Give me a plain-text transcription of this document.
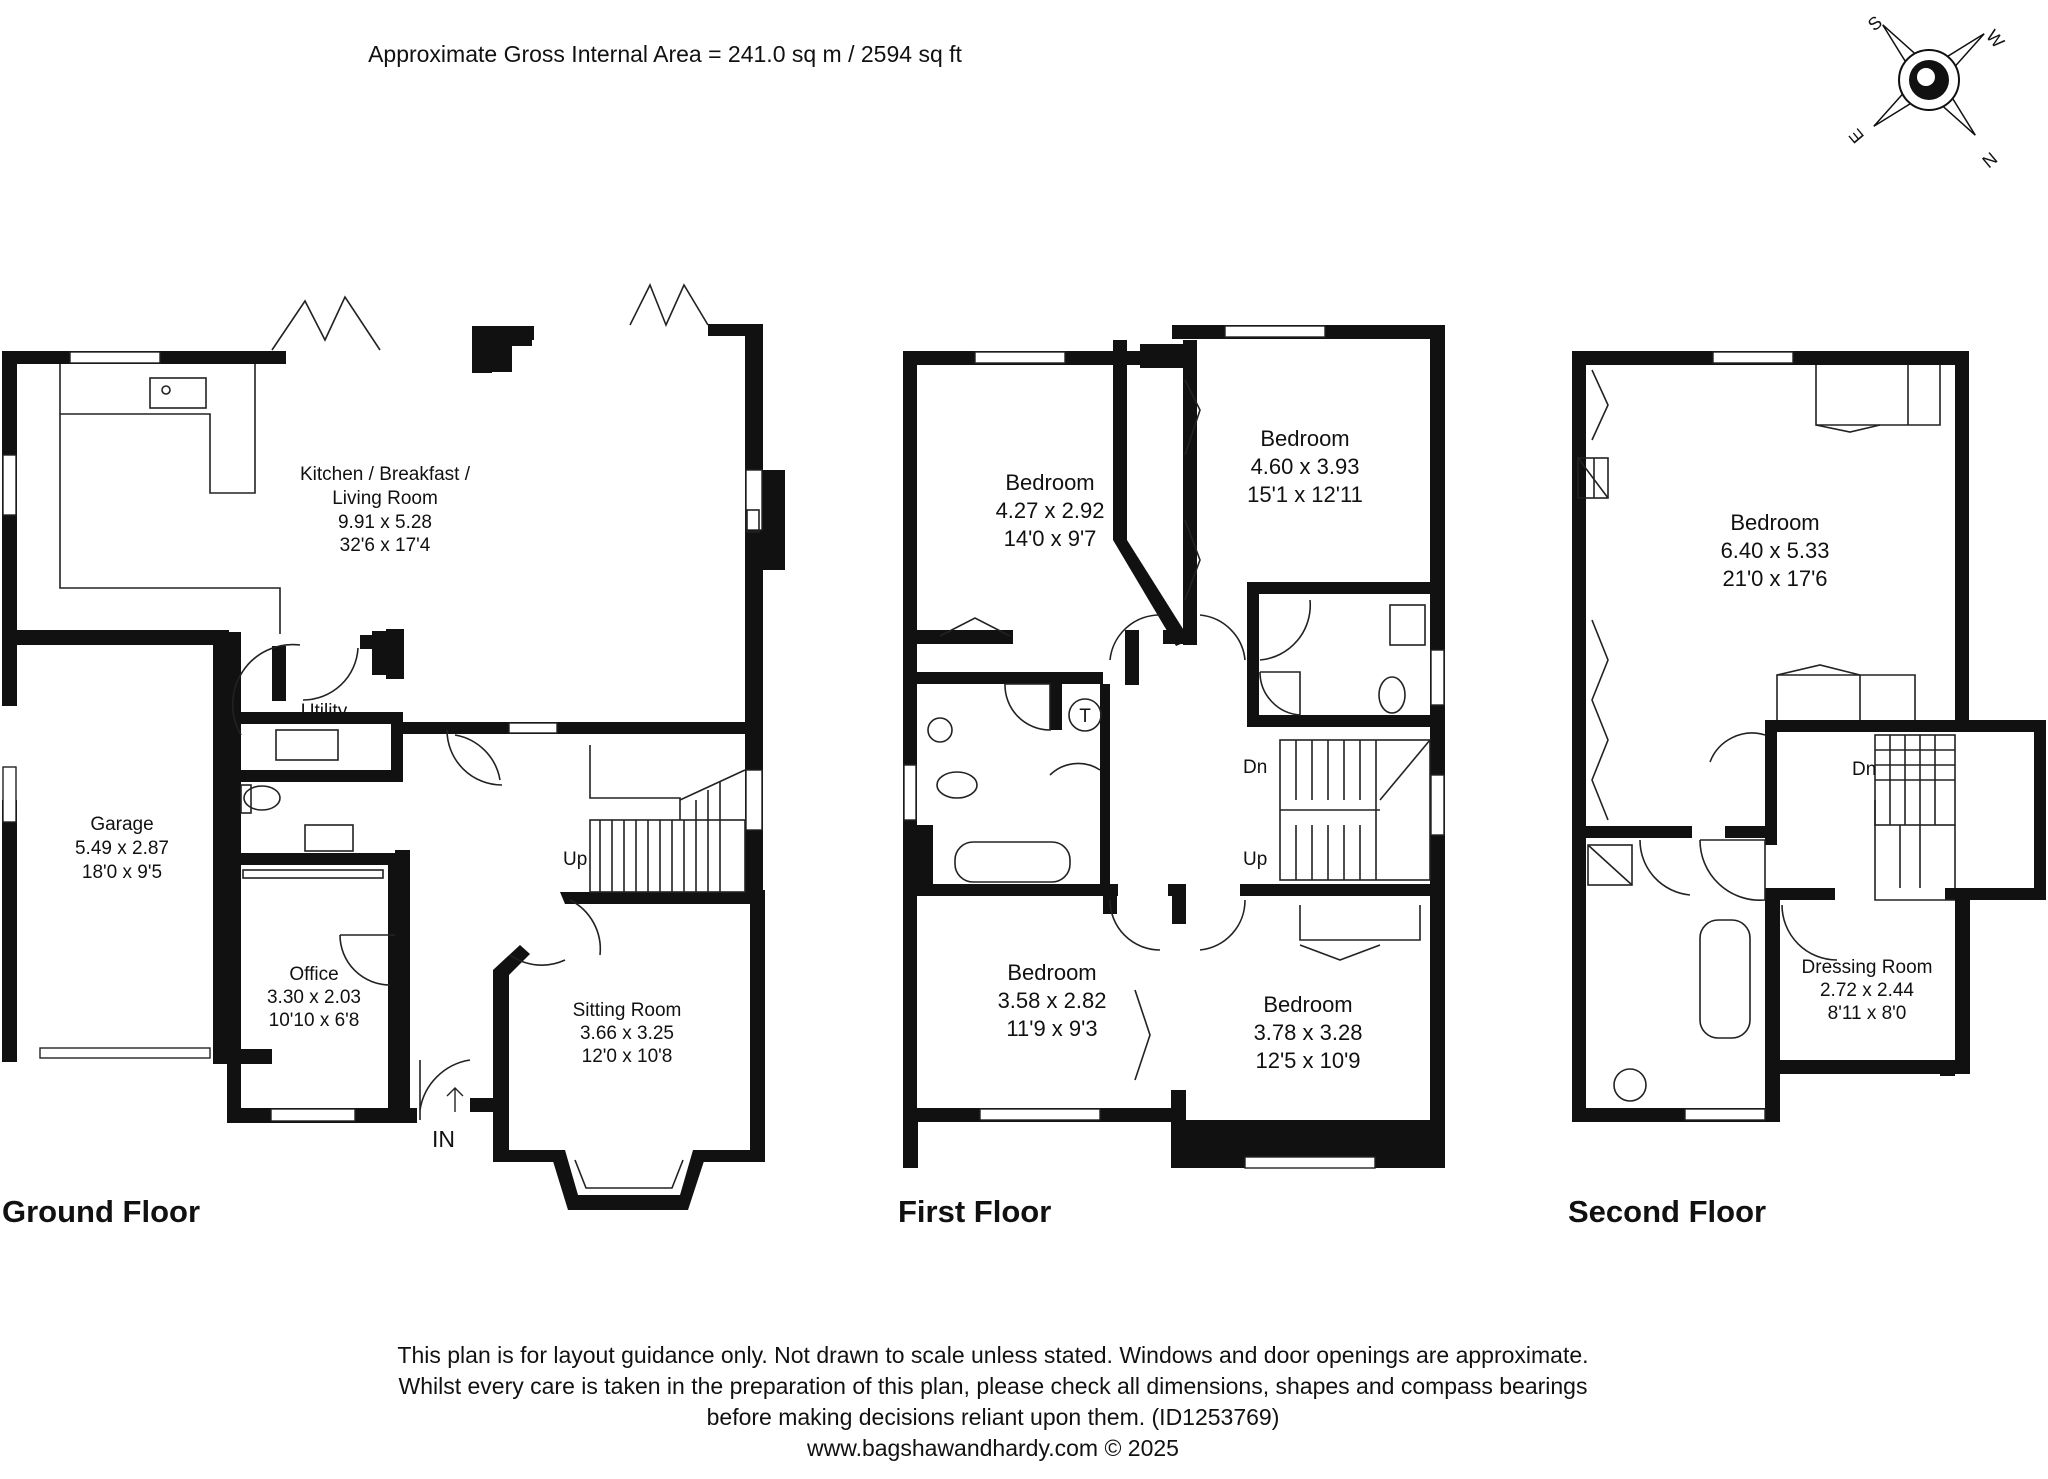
Approximate Gross Internal Area = 241.0 sq m / 2594 sq ft
S
W
E
N
Up
IN
Kitchen / Breakfast /
Living Room
9.91 x 5.28
32'6 x 17'4
Utility
Garage
5.49 x 2.87
18'0 x 9'5
Office
3.30 x 2.03
10'10 x 6'8	Sitting Room
3.66 x 3.25
12'0 x 10'8
Ground Floor
T
Dn
Up
Bedroom
4.27 x 2.92
14'0 x 9'7
Bedroom
4.60 x 3.93
15'1 x 12'11
Bedroom
3.58 x 2.82
11'9 x 9'3
Bedroom
3.78 x 3.28
12'5 x 10'9
First Floor
Dn
Bedroom
6.40 x 5.33
21'0 x 17'6
Dressing Room
2.72 x 2.44
8'11 x 8'0
Second Floor
This plan is for layout guidance only. Not drawn to scale unless stated. Windows and door openings are approximate.
Whilst every care is taken in the preparation of this plan, please check all dimensions, shapes and compass bearings
before making decisions reliant upon them. (ID1253769)
www.bagshawandhardy.com © 2025
